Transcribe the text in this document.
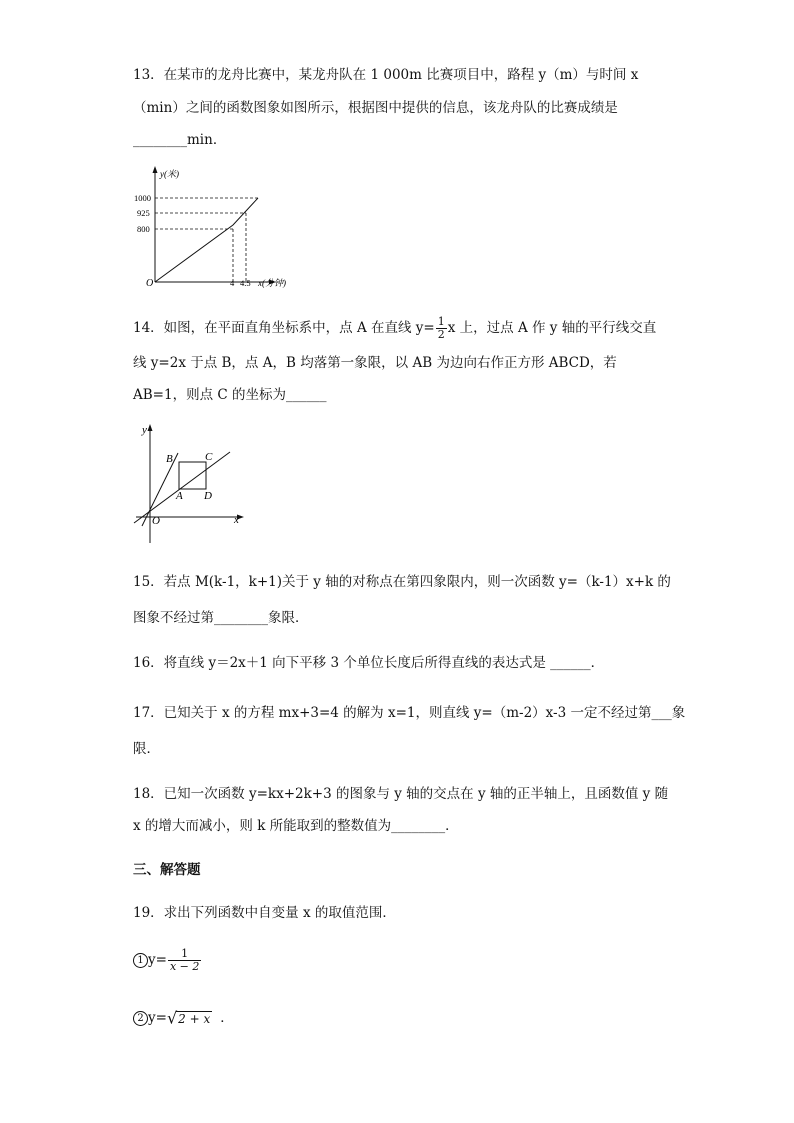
13．在某市的龙舟比赛中，某龙舟队在 1 000m 比赛项目中，路程 y（m）与时间 x
（min）之间的函数图象如图所示，根据图中提供的信息，该龙舟队的比赛成绩是
________min．
y(米)
1000
925
800
O	4 4.5 x(分钟)
14．如图，在平面直角坐标系中，点 A 在直线 $y= \frac{1}{2}$ x 上，过点 A 作 y 轴的平行线交直
线 y=2x 于点 B，点 A，B 均落第一象限，以 AB 为边向右作正方形 ABCD，若
AB=1，则点 C 的坐标为______
y
x
O
B	C
A D
15．若点 M(k-1，k+1)关于 y 轴的对称点在第四象限内，则一次函数 y=（k-1）x+k 的
图象不经过第________象限．
16．将直线 y＝2x＋1 向下平移 3 个单位长度后所得直线的表达式是 ______．
17．已知关于 x 的方程 mx+3=4 的解为 x=1，则直线 y=（m-2）x-3 一定不经过第___象
限．
18．已知一次函数 y=kx+2k+3 的图象与 y 轴的交点在 y 轴的正半轴上，且函数值 y 随
x 的增大而减小，则 k 所能取到的整数值为________．
三、解答题
19．求出下列函数中自变量 x 的取值范围．
1 $y= \frac{1}{x - 2}$
2 y=√2 + x ．
